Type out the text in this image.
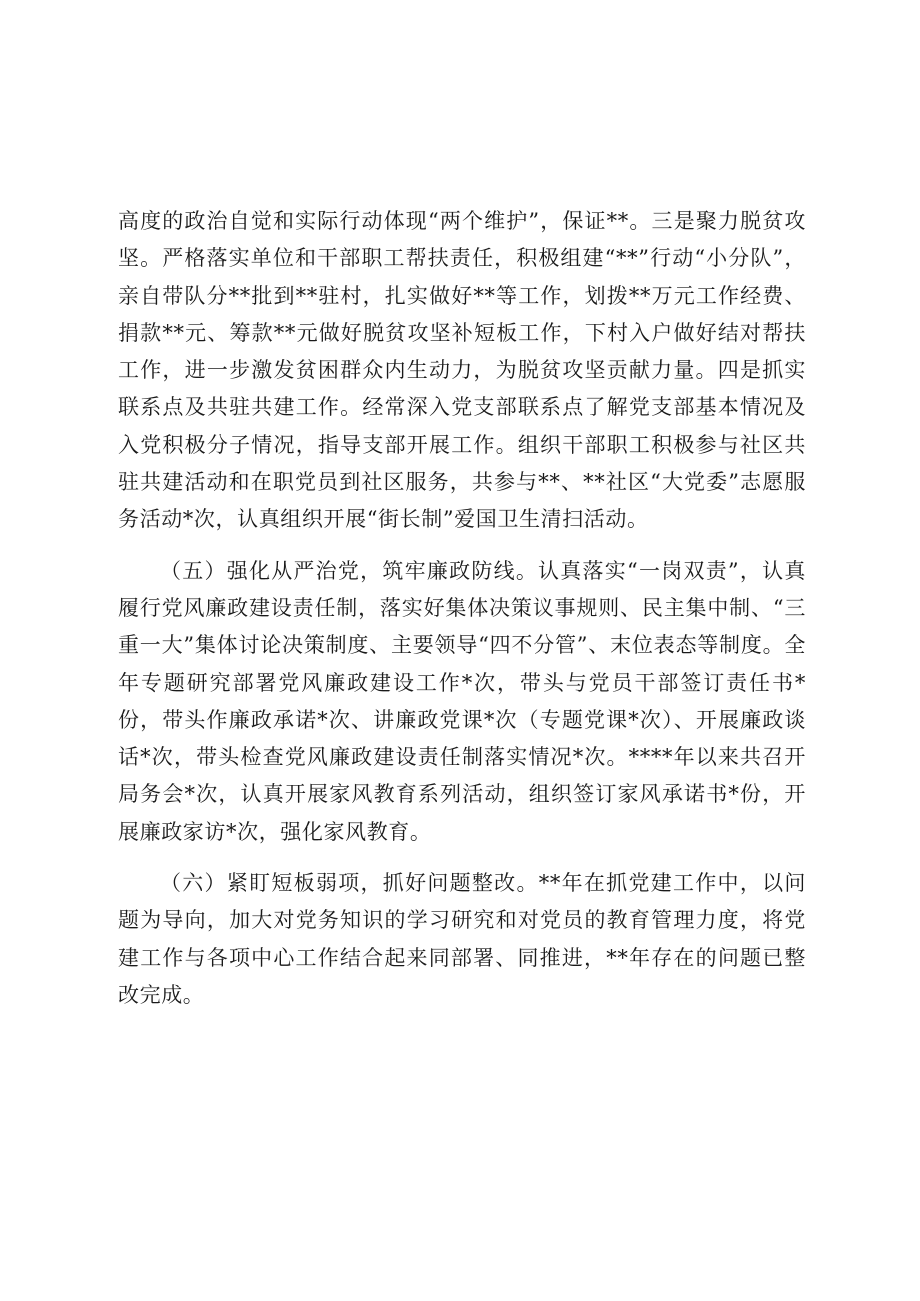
高度的政治自觉和实际行动体现“两个维护”，保证**。三是聚力脱贫攻坚。严格落实单位和干部职工帮扶责任，积极组建“**”行动“小分队”，亲自带队分**批到**驻村，扎实做好**等工作，划拨**万元工作经费、捐款**元、筹款**元做好脱贫攻坚补短板工作，下村入户做好结对帮扶工作，进一步激发贫困群众内生动力，为脱贫攻坚贡献力量。四是抓实联系点及共驻共建工作。经常深入党支部联系点了解党支部基本情况及入党积极分子情况，指导支部开展工作。组织干部职工积极参与社区共驻共建活动和在职党员到社区服务，共参与**、**社区“大党委”志愿服务活动*次，认真组织开展“街长制”爱国卫生清扫活动。

（五）强化从严治党，筑牢廉政防线。认真落实“一岗双责”，认真履行党风廉政建设责任制，落实好集体决策议事规则、民主集中制、“三重一大”集体讨论决策制度、主要领导“四不分管”、末位表态等制度。全年专题研究部署党风廉政建设工作*次，带头与党员干部签订责任书*份，带头作廉政承诺*次、讲廉政党课*次（专题党课*次）、开展廉政谈话*次，带头检查党风廉政建设责任制落实情况*次。****年以来共召开局务会*次，认真开展家风教育系列活动，组织签订家风承诺书*份，开展廉政家访*次，强化家风教育。

（六）紧盯短板弱项，抓好问题整改。**年在抓党建工作中，以问题为导向，加大对党务知识的学习研究和对党员的教育管理力度，将党建工作与各项中心工作结合起来同部署、同推进，**年存在的问题已整改完成。
